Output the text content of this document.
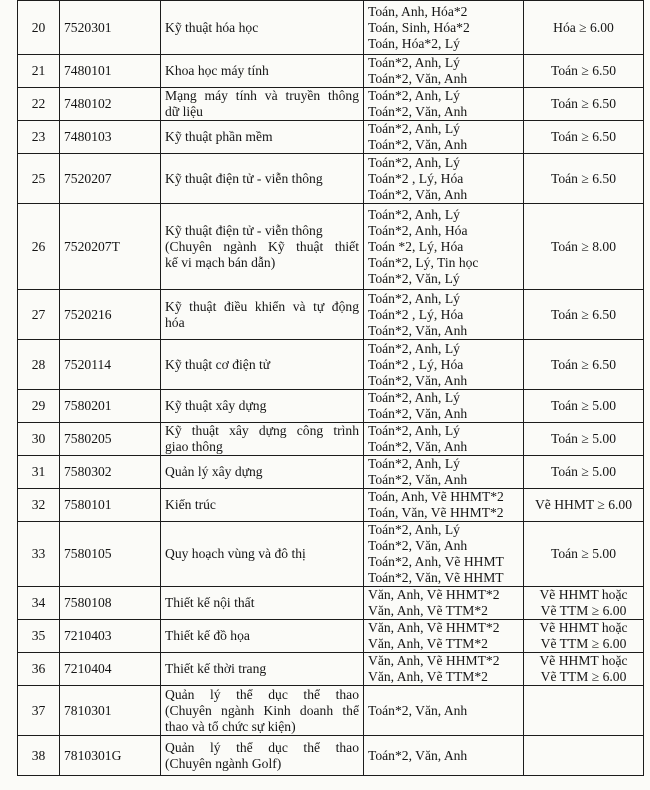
20	7520301	Kỹ thuật hóa học	Toán, Anh, Hóa*2
Toán, Sinh, Hóa*2
Toán, Hóa*2, Lý	Hóa ≥ 6.00

21	7480101	Khoa học máy tính	Toán*2, Anh, Lý
Toán*2, Văn, Anh	Toán ≥ 6.50

22	7480102	Mạng máy tính và truyền thông
dữ liệu	Toán*2, Anh, Lý
Toán*2, Văn, Anh	Toán ≥ 6.50

23	7480103	Kỹ thuật phần mềm	Toán*2, Anh, Lý
Toán*2, Văn, Anh	Toán ≥ 6.50

25	7520207	Kỹ thuật điện tử - viễn thông	Toán*2, Anh, Lý
Toán*2 , Lý, Hóa
Toán*2, Văn, Anh	Toán ≥ 6.50

26	7520207T	Kỹ thuật điện tử - viễn thông
(Chuyên ngành Kỹ thuật thiết
kế vi mạch bán dẫn)	Toán*2, Anh, Lý
Toán*2, Anh, Hóa
Toán *2, Lý, Hóa
Toán*2, Lý, Tin học
Toán*2, Văn, Lý	Toán ≥ 8.00

27	7520216	Kỹ thuật điều khiển và tự động
hóa	Toán*2, Anh, Lý
Toán*2 , Lý, Hóa
Toán*2, Văn, Anh	Toán ≥ 6.50

28	7520114	Kỹ thuật cơ điện tử	Toán*2, Anh, Lý
Toán*2 , Lý, Hóa
Toán*2, Văn, Anh	Toán ≥ 6.50

29	7580201	Kỹ thuật xây dựng	Toán*2, Anh, Lý
Toán*2, Văn, Anh	Toán ≥ 5.00

30	7580205	Kỹ thuật xây dựng công trình
giao thông	Toán*2, Anh, Lý
Toán*2, Văn, Anh	Toán ≥ 5.00

31	7580302	Quản lý xây dựng	Toán*2, Anh, Lý
Toán*2, Văn, Anh	Toán ≥ 5.00

32	7580101	Kiến trúc	Toán, Anh, Vẽ HHMT*2
Toán, Văn, Vẽ HHMT*2	Vẽ HHMT ≥ 6.00

33	7580105	Quy hoạch vùng và đô thị	Toán*2, Anh, Lý
Toán*2, Văn, Anh
Toán*2, Anh, Vẽ HHMT
Toán*2, Văn, Vẽ HHMT	Toán ≥ 5.00

34	7580108	Thiết kế nội thất	Văn, Anh, Vẽ HHMT*2
Văn, Anh, Vẽ TTM*2	Vẽ HHMT hoặc
Vẽ TTM ≥ 6.00

35	7210403	Thiết kế đồ họa	Văn, Anh, Vẽ HHMT*2
Văn, Anh, Vẽ TTM*2	Vẽ HHMT hoặc
Vẽ TTM ≥ 6.00

36	7210404	Thiết kế thời trang	Văn, Anh, Vẽ HHMT*2
Văn, Anh, Vẽ TTM*2	Vẽ HHMT hoặc
Vẽ TTM ≥ 6.00

37	7810301	Quản lý thể dục thể thao
(Chuyên ngành Kinh doanh thể
thao và tổ chức sự kiện)	Toán*2, Văn, Anh	

38	7810301G	Quản lý thể dục thể thao
(Chuyên ngành Golf)	Toán*2, Văn, Anh	
